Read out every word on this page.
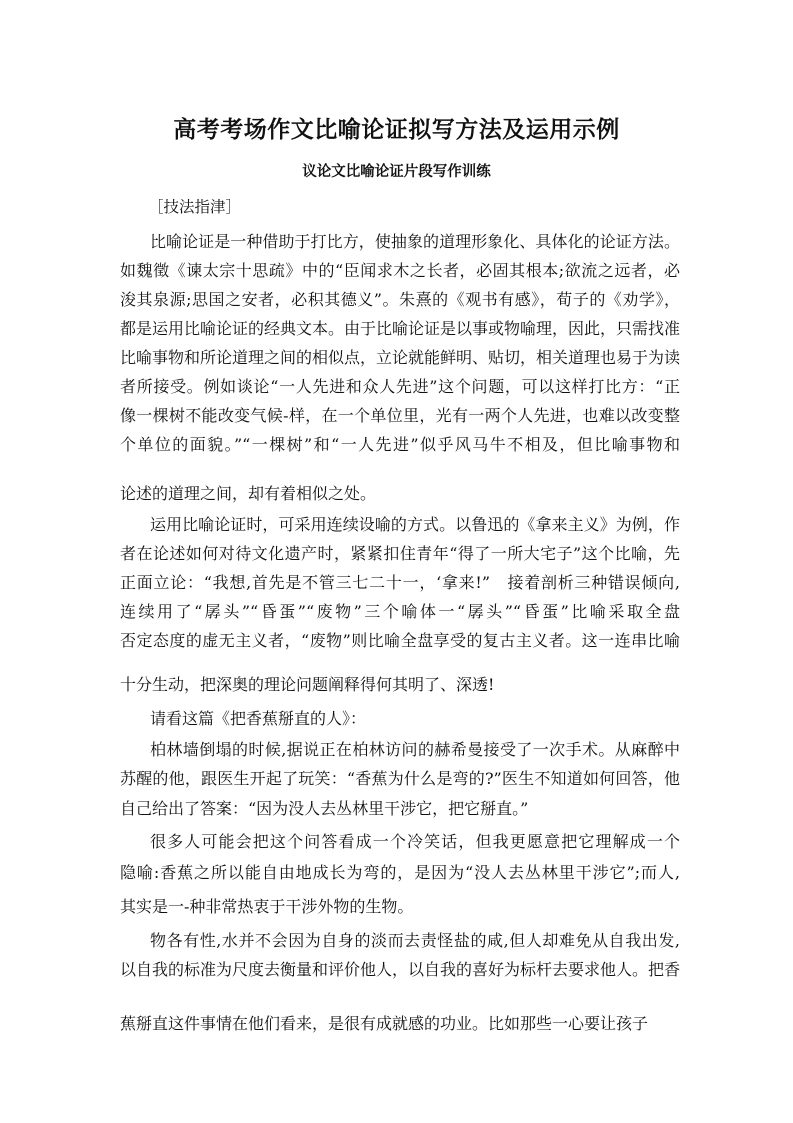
高考考场作文比喻论证拟写方法及运用示例
议论文比喻论证片段写作训练
［技法指津］
比喻论证是一种借助于打比方，使抽象的道理形象化、具体化的论证方法。
如魏徵《谏太宗十思疏》中的“臣闻求木之长者，必固其根本;欲流之远者，必
浚其泉源;思国之安者，必积其德义”。朱熹的《观书有感》，荀子的《劝学》，
都是运用比喻论证的经典文本。由于比喻论证是以事或物喻理，因此，只需找准
比喻事物和所论道理之间的相似点，立论就能鲜明、贴切，相关道理也易于为读
者所接受。例如谈论“一人先进和众人先进”这个问题，可以这样打比方：“正
像一棵树不能改变气候-样，在一个单位里，光有一两个人先进，也难以改变整
个单位的面貌。”“一棵树”和“一人先进”似乎风马牛不相及，但比喻事物和
论述的道理之间，却有着相似之处。
运用比喻论证时，可采用连续设喻的方式。以鲁迅的《拿来主义》为例，作
者在论述如何对待文化遗产时，紧紧扣住青年“得了一所大宅子”这个比喻，先
正面立论：“我想,首先是不管三七二十一，‘拿来!”　接着剖析三种错误倾向,
连续用了“孱头”“昏蛋”“废物”三个喻体一“孱头”“昏蛋”比喻采取全盘
否定态度的虚无主义者，“废物”则比喻全盘享受的复古主义者。这一连串比喻
十分生动，把深奥的理论问题阐释得何其明了、深透!
请看这篇《把香蕉掰直的人》：
柏林墙倒塌的时候,据说正在柏林访问的赫希曼接受了一次手术。从麻醉中
苏醒的他，跟医生开起了玩笑：“香蕉为什么是弯的?”医生不知道如何回答，他
自己给出了答案：“因为没人去丛林里干涉它，把它掰直。”
很多人可能会把这个问答看成一个冷笑话，但我更愿意把它理解成一个
隐喻:香蕉之所以能自由地成长为弯的，是因为“没人去丛林里干涉它”;而人,
其实是一-种非常热衷于干涉外物的生物。
物各有性,水并不会因为自身的淡而去责怪盐的咸,但人却难免从自我出发,
以自我的标准为尺度去衡量和评价他人，以自我的喜好为标杆去要求他人。把香
蕉掰直这件事情在他们看来，是很有成就感的功业。比如那些一心要让孩子
